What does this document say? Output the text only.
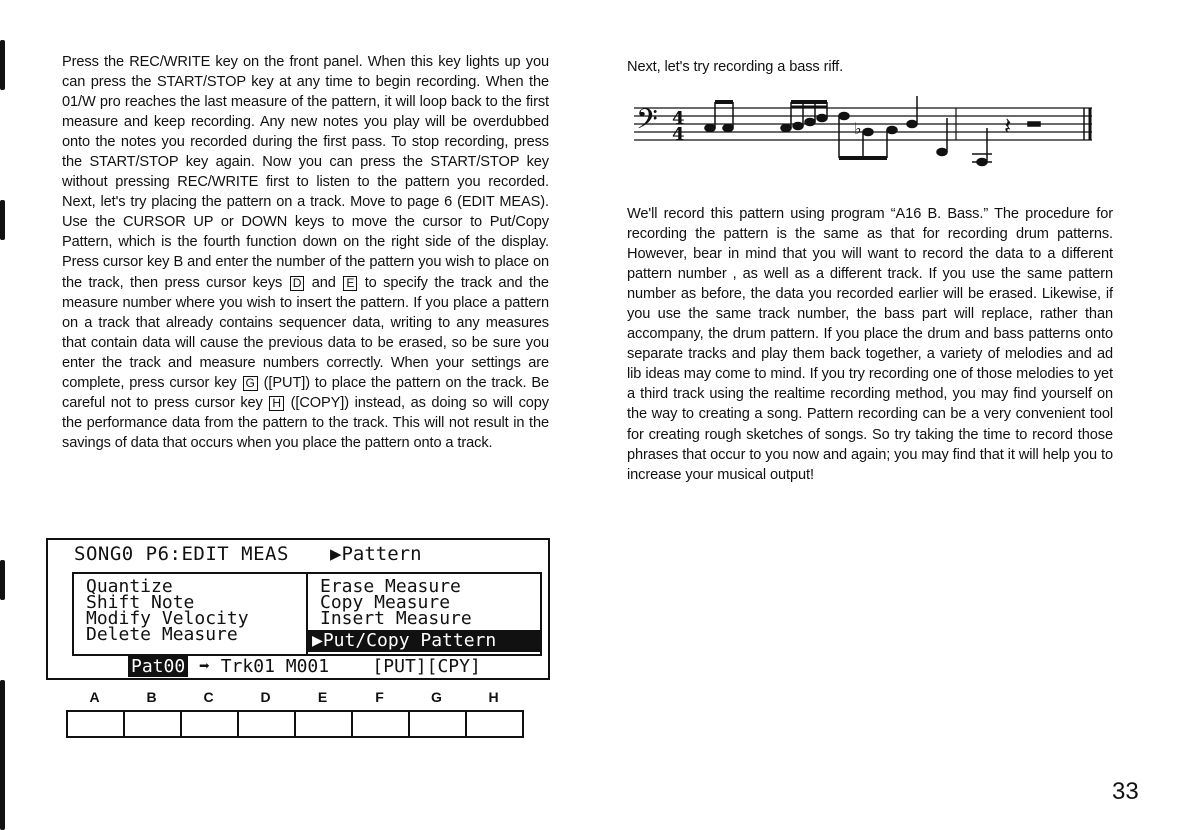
Press the REC/WRITE key on the front panel. When this key lights up you can press the START/STOP key at any time to begin recording. When the 01/W pro reaches the last measure of the pattern, it will loop back to the first measure and keep recording. Any new notes you play will be overdubbed onto the notes you recorded during the first pass. To stop recording, press the START/STOP key again. Now you can press the START/STOP key without pressing REC/WRITE first to listen to the pattern you recorded. Next, let's try placing the pattern on a track. Move to page 6 (EDIT MEAS). Use the CURSOR UP or DOWN keys to move the cursor to Put/Copy Pattern, which is the fourth function down on the right side of the display. Press cursor key B and enter the number of the pattern you wish to place on the track, then press cursor keys D and E to specify the track and the measure number where you wish to insert the pattern. If you place a pattern on a track that already contains sequencer data, writing to any measures that contain data will cause the previous data to be erased, so be sure you enter the track and measure numbers correctly. When your settings are complete, press cursor key G ([PUT]) to place the pattern on the track. Be careful not to press cursor key H ([COPY]) instead, as doing so will copy the performance data from the pattern to the track. This will not result in the savings of data that occurs when you place the pattern onto a track.
SONG0 P6:EDIT MEAS ▶Pattern
Quantize
Shift Note
Modify Velocity
Delete Measure
Erase Measure
Copy Measure
Insert Measure
▶Put/Copy Pattern
Pat00 ➡ Trk01 M001    [PUT][CPY]
A	B	C	D	E	F	G	H
Next, let's try recording a bass riff.
𝄢 4
4	♭	𝄽
We'll record this pattern using program “A16 B. Bass.” The procedure for recording the pattern is the same as that for recording drum patterns. However, bear in mind that you will want to record the data to a different pattern number , as well as a different track. If you use the same pattern number as before, the data you recorded earlier will be erased. Likewise, if you use the same track number, the bass part will replace, rather than accompany, the drum pattern. If you place the drum and bass patterns onto separate tracks and play them back together, a variety of melodies and ad lib ideas may come to mind. If you try recording one of those melodies to yet a third track using the realtime recording method, you may find yourself on the way to creating a song. Pattern recording can be a very convenient tool for creating rough sketches of songs. So try taking the time to record those phrases that occur to you now and again; you may find that it will help you to increase your musical output!
33
